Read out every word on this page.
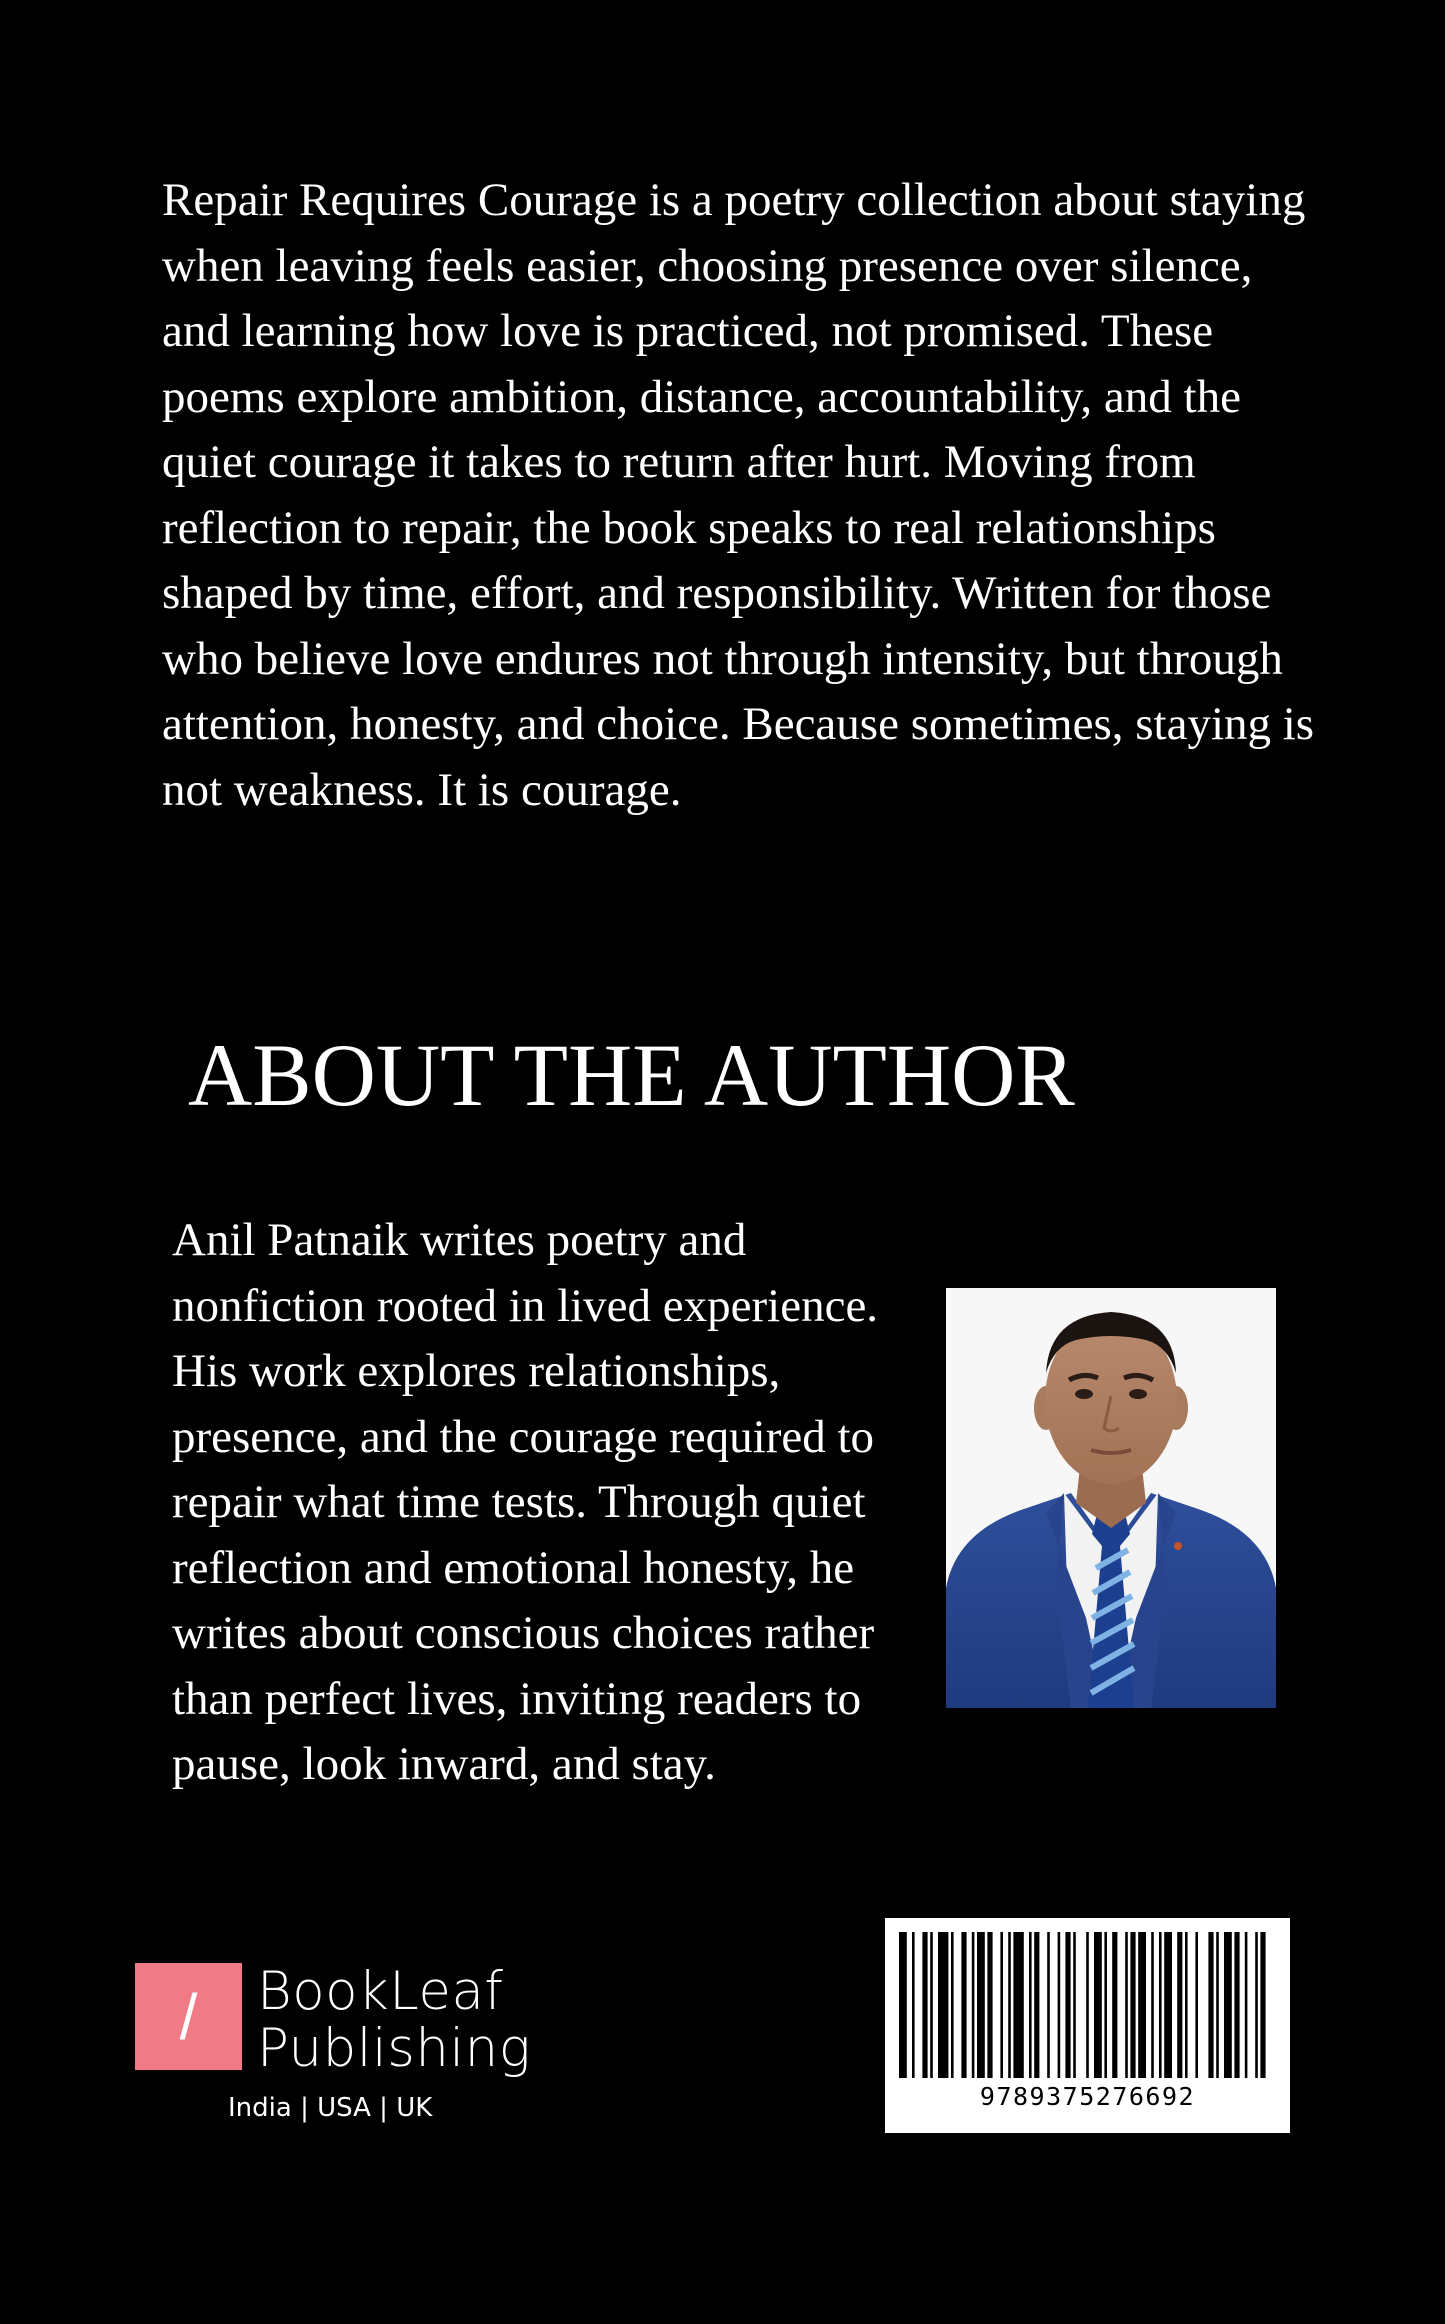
Repair Requires Courage is a poetry collection about staying when leaving feels easier, choosing presence over silence, and learning how love is practiced, not promised. These poems explore ambition, distance, accountability, and the quiet courage it takes to return after hurt. Moving from reflection to repair, the book speaks to real relationships shaped by time, effort, and responsibility. Written for those who believe love endures not through intensity, but through attention, honesty, and choice. Because sometimes, staying is not weakness. It is courage.

ABOUT THE AUTHOR

Anil Patnaik writes poetry and nonfiction rooted in lived experience. His work explores relationships, presence, and the courage required to repair what time tests. Through quiet reflection and emotional honesty, he writes about conscious choices rather than perfect lives, inviting readers to pause, look inward, and stay.

/ BookLeaf
Publishing
India | USA | UK	9789375276692
